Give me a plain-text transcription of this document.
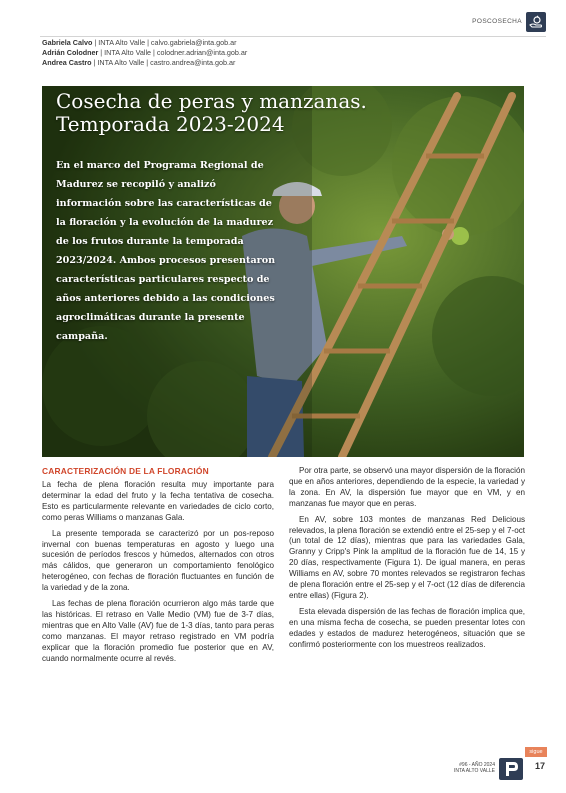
POSCOSECHA
Gabriela Calvo | INTA Alto Valle | calvo.gabriela@inta.gob.ar
Adrián Colodner | INTA Alto Valle | colodner.adrian@inta.gob.ar
Andrea Castro | INTA Alto Valle | castro.andrea@inta.gob.ar
Cosecha de peras y manzanas. Temporada 2023-2024

En el marco del Programa Regional de Madurez se recopiló y analizó información sobre las características de la floración y la evolución de la madurez de los frutos durante la temporada 2023/2024. Ambos procesos presentaron características particulares respecto de años anteriores debido a las condiciones agroclimáticas durante la presente campaña.

CARACTERIZACIÓN DE LA FLORACIÓN

La fecha de plena floración resulta muy importante para determinar la edad del fruto y la fecha tentativa de cosecha. Esto es particularmente relevante en variedades de ciclo corto, como peras Williams o manzanas Gala.

La presente temporada se caracterizó por un pos-reposo invernal con buenas temperaturas en agosto y luego una sucesión de períodos frescos y húmedos, alternados con otros más cálidos, que generaron un comportamiento fenológico heterogéneo, con fechas de floración fluctuantes en función de la variedad y de la zona.

Las fechas de plena floración ocurrieron algo más tarde que las históricas. El retraso en Valle Medio (VM) fue de 3-7 días, mientras que en Alto Valle (AV) fue de 1-3 días, tanto para peras como manzanas. El mayor retraso registrado en VM podría explicar que la floración promedio fue posterior que en AV, cuando normalmente ocurre al revés.

Por otra parte, se observó una mayor dispersión de la floración que en años anteriores, dependiendo de la especie, la variedad y la zona. En AV, la dispersión fue mayor que en VM, y en manzanas fue mayor que en peras.

En AV, sobre 103 montes de manzanas Red Delicious relevados, la plena floración se extendió entre el 25-sep y el 7-oct (un total de 12 días), mientras que para las variedades Gala, Granny y Cripp's Pink la amplitud de la floración fue de 14, 15 y 20 días, respectivamente (Figura 1). De igual manera, en peras Williams en AV, sobre 70 montes relevados se registraron fechas de plena floración entre el 25-sep y el 7-oct (12 días de diferencia entre ellas) (Figura 2).

Esta elevada dispersión de las fechas de floración implica que, en una misma fecha de cosecha, se pueden presentar lotes con edades y estados de madurez heterogéneos, situación que se confirmó posteriormente con los muestreos realizados.

sigue
#96 - AÑO 2024
INTA ALTO VALLE	17
